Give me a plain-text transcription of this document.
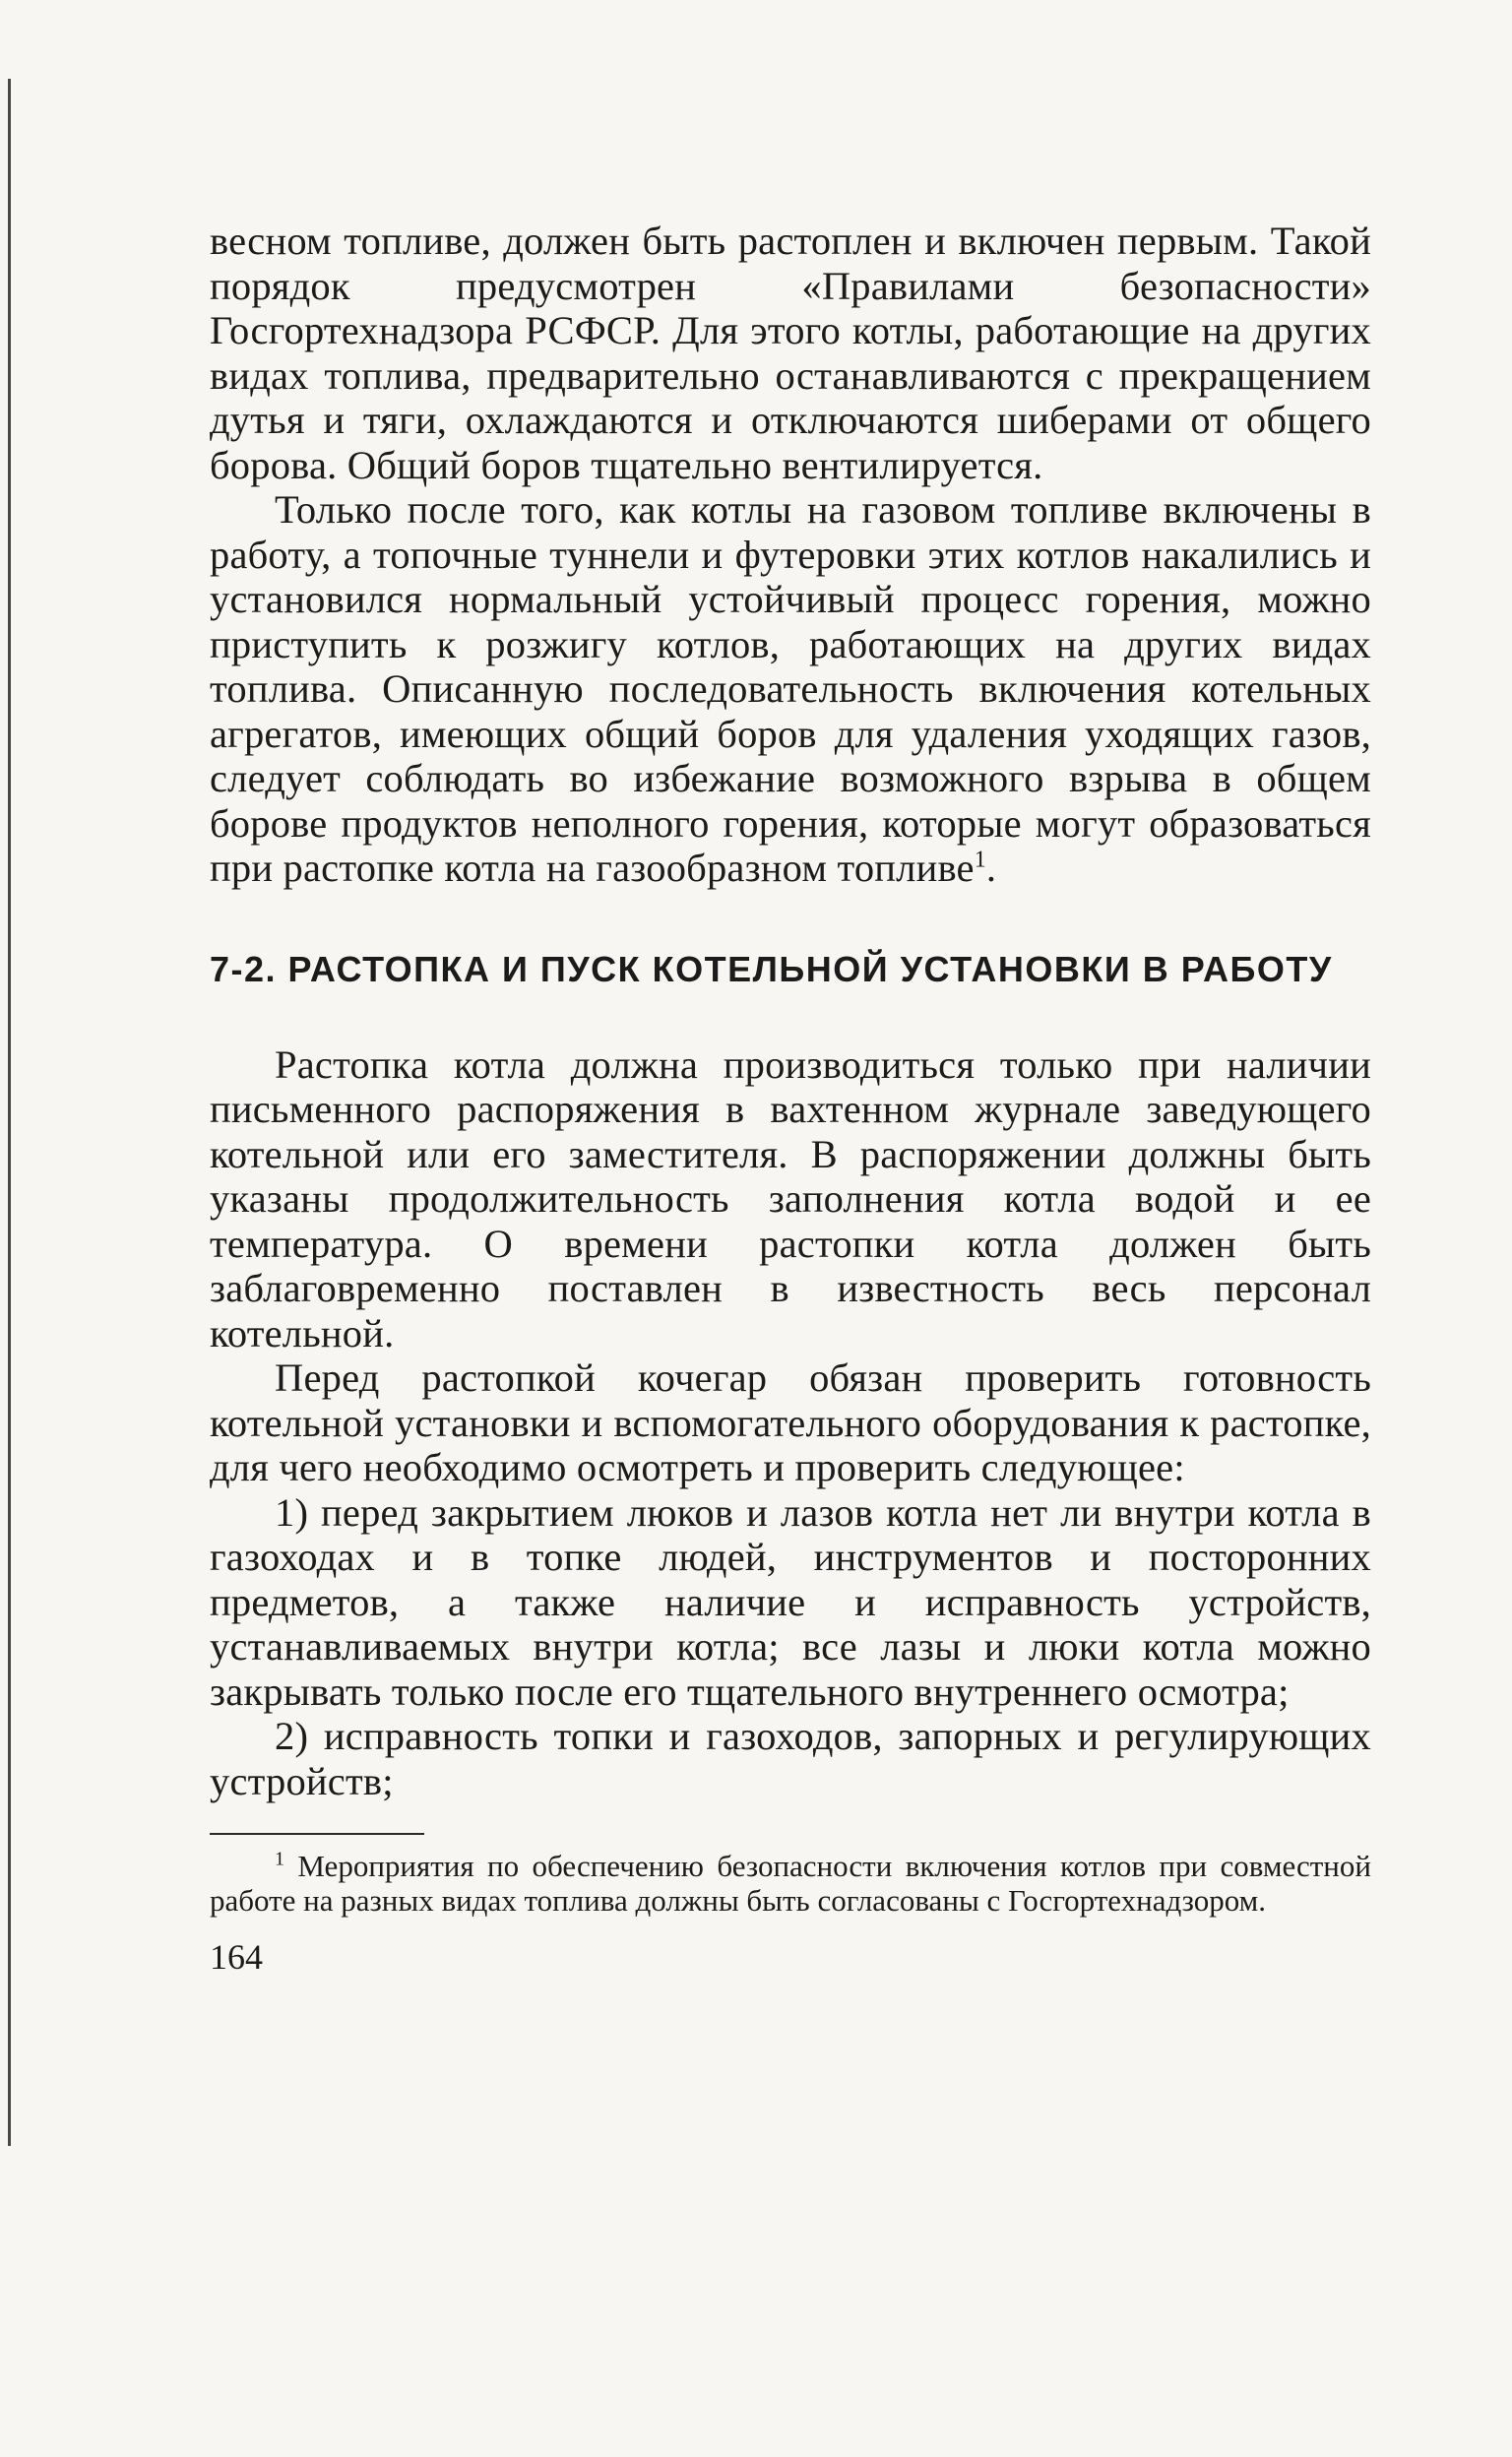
весном топливе, должен быть растоплен и включен первым. Такой порядок предусмотрен «Правилами безопасности» Госгортехнадзора РСФСР. Для этого котлы, работающие на других видах топлива, предварительно останавливаются с прекращением дутья и тяги, охлаждаются и отключаются шиберами от общего борова. Общий боров тщательно вентилируется.

Только после того, как котлы на газовом топливе включены в работу, а топочные туннели и футеровки этих котлов накалились и установился нормальный устойчивый процесс горения, можно приступить к розжигу котлов, работающих на других видах топлива. Описанную последовательность включения котельных агрегатов, имеющих общий боров для удаления уходящих газов, следует соблюдать во избежание возможного взрыва в общем борове продуктов неполного горения, которые могут образоваться при растопке котла на газообразном топливе$^1$.

7-2. РАСТОПКА И ПУСК КОТЕЛЬНОЙ УСТАНОВКИ В РАБОТУ

Растопка котла должна производиться только при наличии письменного распоряжения в вахтенном журнале заведующего котельной или его заместителя. В распоряжении должны быть указаны продолжительность заполнения котла водой и ее температура. О времени растопки котла должен быть заблаговременно поставлен в известность весь персонал котельной.

Перед растопкой кочегар обязан проверить готовность котельной установки и вспомогательного оборудования к растопке, для чего необходимо осмотреть и проверить следующее:

1) перед закрытием люков и лазов котла нет ли внутри котла в газоходах и в топке людей, инструментов и посторонних предметов, а также наличие и исправность устройств, устанавливаемых внутри котла; все лазы и люки котла можно закрывать только после его тщательного внутреннего осмотра;

2) исправность топки и газоходов, запорных и регулирующих устройств;

$^1$ Мероприятия по обеспечению безопасности включения котлов при совместной работе на разных видах топлива должны быть согласованы с Госгортехнадзором.

164
